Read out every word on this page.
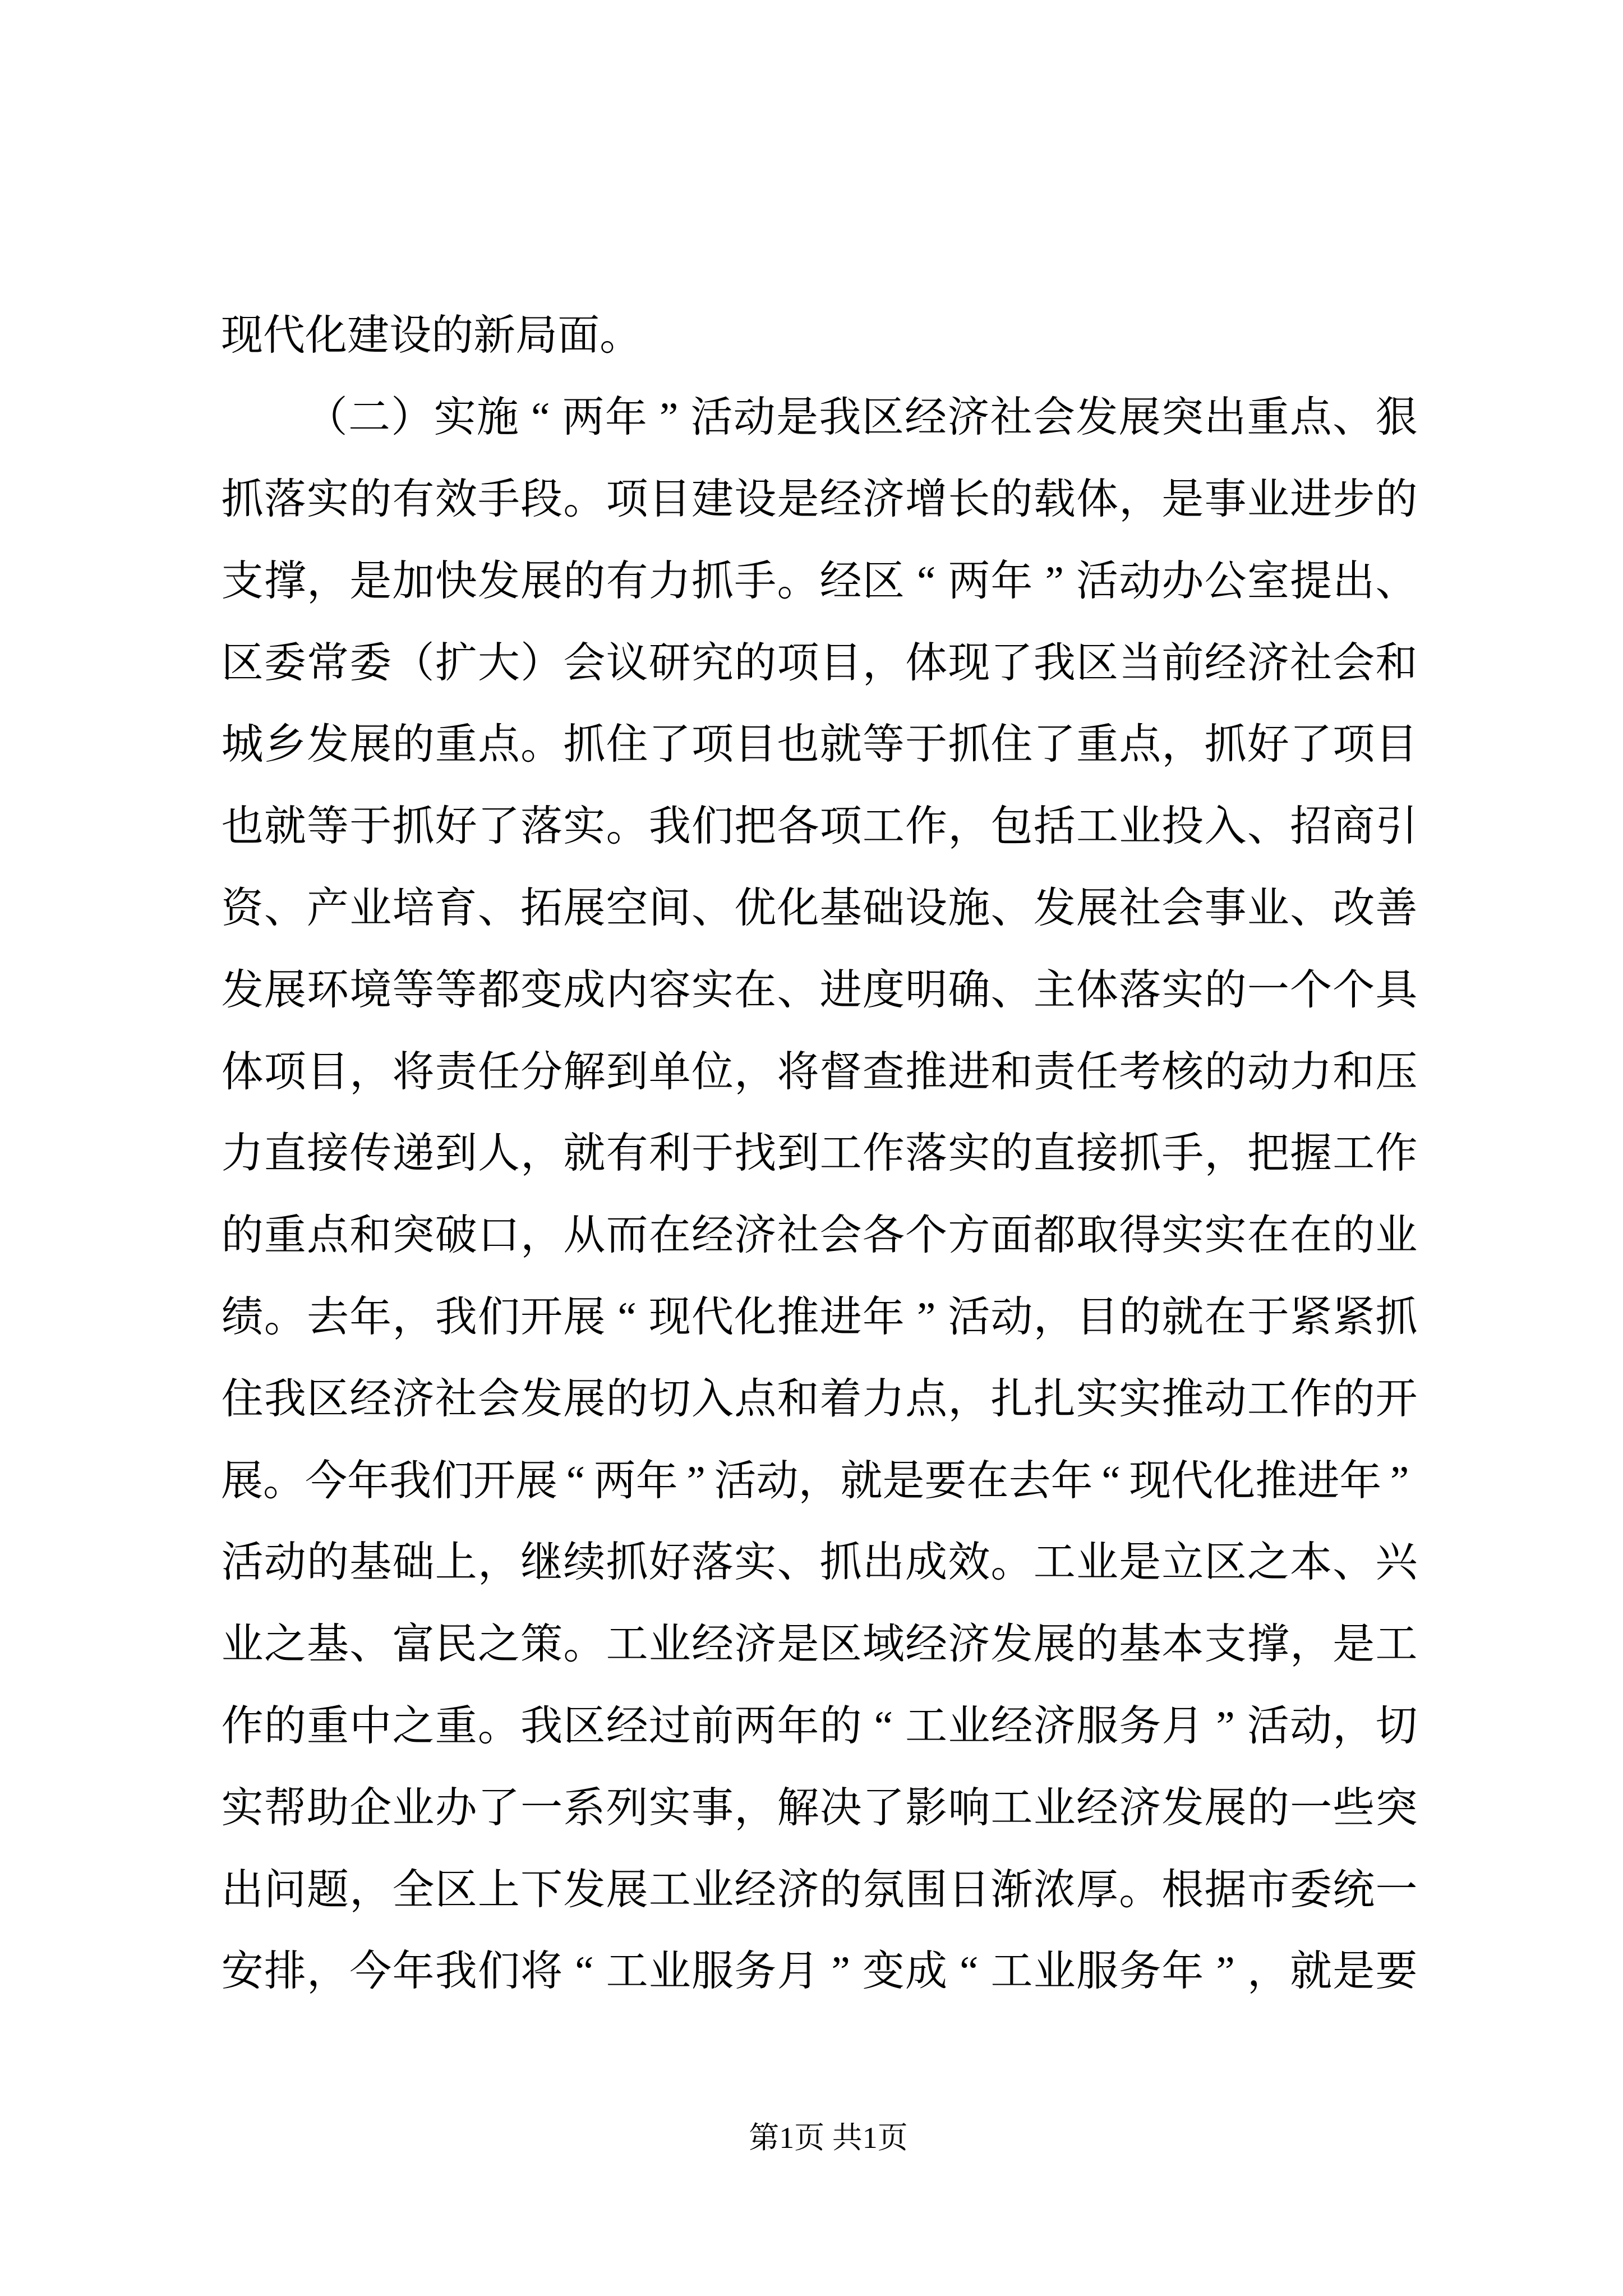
现 代 化 建 设 的 新 局 面 。
（ 二 ） 实 施 “ 两 年 ” 活 动 是 我 区 经 济 社 会 发 展 突 出 重 点 、 狠
抓 落 实 的 有 效 手 段 。 项 目 建 设 是 经 济 增 长 的 载 体 ， 是 事 业 进 步 的
支 撑 ， 是 加 快 发 展 的 有 力 抓 手 。 经 区 “ 两 年 ” 活 动 办 公 室 提 出 、
区 委 常 委 （ 扩 大 ） 会 议 研 究 的 项 目 ， 体 现 了 我 区 当 前 经 济 社 会 和
城 乡 发 展 的 重 点 。 抓 住 了 项 目 也 就 等 于 抓 住 了 重 点 ， 抓 好 了 项 目
也 就 等 于 抓 好 了 落 实 。 我 们 把 各 项 工 作 ， 包 括 工 业 投 入 、 招 商 引
资 、 产 业 培 育 、 拓 展 空 间 、 优 化 基 础 设 施 、 发 展 社 会 事 业 、 改 善
发 展 环 境 等 等 都 变 成 内 容 实 在 、 进 度 明 确 、 主 体 落 实 的 一 个 个 具
体 项 目 ， 将 责 任 分 解 到 单 位 ， 将 督 查 推 进 和 责 任 考 核 的 动 力 和 压
力 直 接 传 递 到 人 ， 就 有 利 于 找 到 工 作 落 实 的 直 接 抓 手 ， 把 握 工 作
的 重 点 和 突 破 口 ， 从 而 在 经 济 社 会 各 个 方 面 都 取 得 实 实 在 在 的 业
绩 。 去 年 ， 我 们 开 展 “ 现 代 化 推 进 年 ” 活 动 ， 目 的 就 在 于 紧 紧 抓
住 我 区 经 济 社 会 发 展 的 切 入 点 和 着 力 点 ， 扎 扎 实 实 推 动 工 作 的 开
展 。 今 年 我 们 开 展 “ 两 年 ” 活 动 ， 就 是 要 在 去 年 “ 现 代 化 推 进 年 ”
活 动 的 基 础 上 ， 继 续 抓 好 落 实 、 抓 出 成 效 。 工 业 是 立 区 之 本 、 兴
业 之 基 、 富 民 之 策 。 工 业 经 济 是 区 域 经 济 发 展 的 基 本 支 撑 ， 是 工
作 的 重 中 之 重 。 我 区 经 过 前 两 年 的 “ 工 业 经 济 服 务 月 ” 活 动 ， 切
实 帮 助 企 业 办 了 一 系 列 实 事 ， 解 决 了 影 响 工 业 经 济 发 展 的 一 些 突
出 问 题 ， 全 区 上 下 发 展 工 业 经 济 的 氛 围 日 渐 浓 厚 。 根 据 市 委 统 一
安 排 ， 今 年 我 们 将 “ 工 业 服 务 月 ” 变 成 “ 工 业 服 务 年 ” ， 就 是 要
第1页 共1页
